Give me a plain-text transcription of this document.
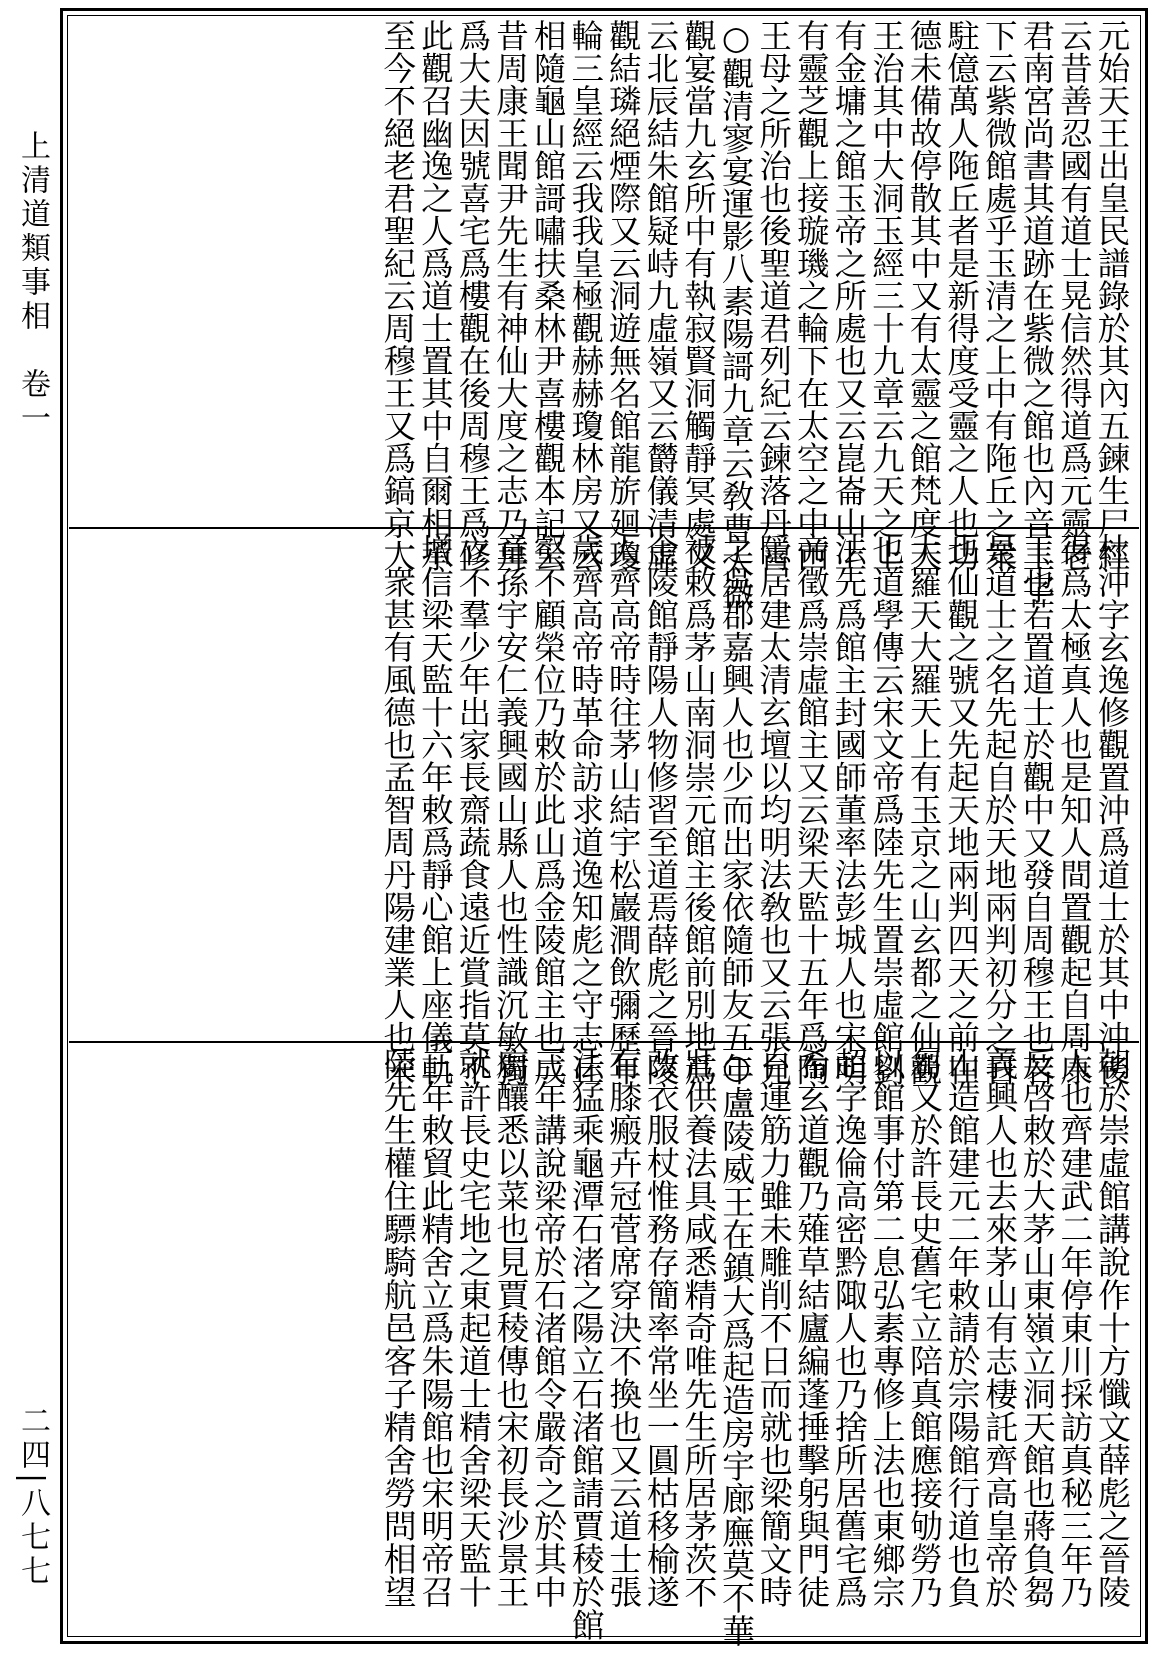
上清道類事相　卷一
二四|八七七
元始天王出皇民譜錄於其內五鍊生尸經
云昔善忍國有道士晃信然得道爲元靈老
君南宮尚書其道跡在紫微之館也內音玉字
下云紫微館處乎玉清之上中有陁丘之衆
駐億萬人陁丘者是新得度受靈之人也功
德未備故停散其中又有太靈之館梵度天
王治其中大洞玉經三十九章云九天之上
有金墉之館玉帝之所處也又云崑崙山上
有靈芝觀上接璇璣之輪下在太空之中西
王母之所治也後聖道君列紀云鍊落丹霄
○觀清寥宴運影八素陽謌九章云敎曹太微
觀宴當九玄所中有執寂賢洞觸靜冥處又
云北辰結朱館疑峙九虛嶺又云欝儀清虛
觀結璘絕煙際又云洞遊無名館龍旂廻瓊
輪三皇經云我我皇極觀赫赫瓊林房又云
相隨龜山館謌嘯扶桑林尹喜樓觀本記云
昔周康王聞尹先生有神仙大度之志乃拜
爲大夫因號喜宅爲樓觀在後周穆王爲修
此觀召幽逸之人爲道士置其中自爾相承
至今不絕老君聖紀云周穆王又爲鎬京人
杜沖字玄逸修觀置沖爲道士於其中沖後
得爲太極真人也是知人間置觀起自周康
王也若置道士於觀中又發自周穆王也若
是道士之名先起自於天地兩判初分之日
也仙觀之號又先起天地兩判四天之前在
大羅天大羅天上有玉京之山玄都之仙觀
也道學傳云宋文帝爲陸先生置崇虛館劉
法先爲館主封國師董率法彭城人也宋明
帝徵爲崇虛館主又云梁天監十五年爲陶
隱居建太清玄壇以均明法敎也又云張允
之吳郡嘉興人也少而出家依隨師友五年
被敕爲茅山南洞崇元館主後館前別地爲
金陵館靜陽人物修習至道焉薛彪之晉陵
人齊高帝時往茅山結宇松巖澗飲彌歷年
歲齊高帝時革命訪求道逸知彪之守志丘
壑不顧榮位乃敕於此山爲金陵館主也成
童孫宇安仁義興國山縣人也性識沉敏獨
立不羣少年出家長齋蔬食遠近賞指莫不
增信梁天監十六年敕爲靜心館上座儀軌
一衆甚有風德也孟智周丹陽建業人也宋
朝於崇虛館講說作十方懺文薛彪之晉陵
人也齊建武二年停東川採訪真秘三年乃
反啓敕於大茅山東嶺立洞天館也蔣負芻
義興人也去來茅山有志棲託齊高皇帝於
山造館建元二年敕請於宗陽館行道也負
芻又於許長史舊宅立陪真館應接劬勞乃
以館事付第二息弘素專修上法也東鄉宗
超字逸倫高密黔陬人也乃捨所居舊宅爲
希玄道觀乃薙草結廬編蓬捶擊躬與門徒
自運筋力雖未雕削不日而就也梁簡文時
○盧陵威王在鎮大爲起造房宇廊廡莫不華
壯供養法具咸悉精奇唯先生所居茅茨不
改衣服杖惟務存簡率常坐一圓枯移榆遂
有膝瘢卉冠菅席穿決不換也又云道士張
法猛乘龜潭石渚之陽立石渚館請賈稜於館
三年講說梁帝於石渚館令嚴奇之於其中
廚釀悉以菜也見賈稜傳也宋初長沙景王
就許長史宅地之東起道士精舍梁天監十
三年敕貿此精舍立爲朱陽館也宋明帝召
陸先生權住驃騎航邑客子精舍勞問相望
